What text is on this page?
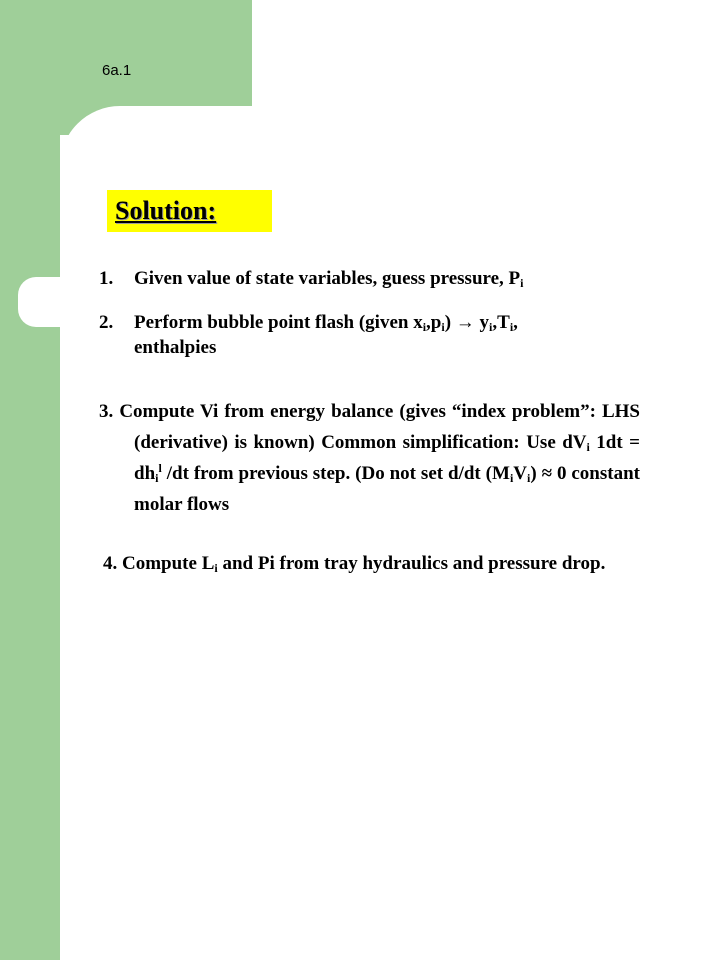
6a.1
Solution:
1. Given value of state variables, guess pressure, $P_i$
2. Perform bubble point flash (given $x_i,p_i) \to y_i,T_i$,
enthalpies
3. Compute Vi from energy balance (gives “index problem”: LHS (derivative) is known) Common simplification: Use $dV_i$ $1dt = dh_i^l$ /dt from previous step. (Do not set d/dt $(M_iV_i) \approx 0$ constant molar flows
4. Compute $L_i$ and Pi from tray hydraulics and pressure drop.
